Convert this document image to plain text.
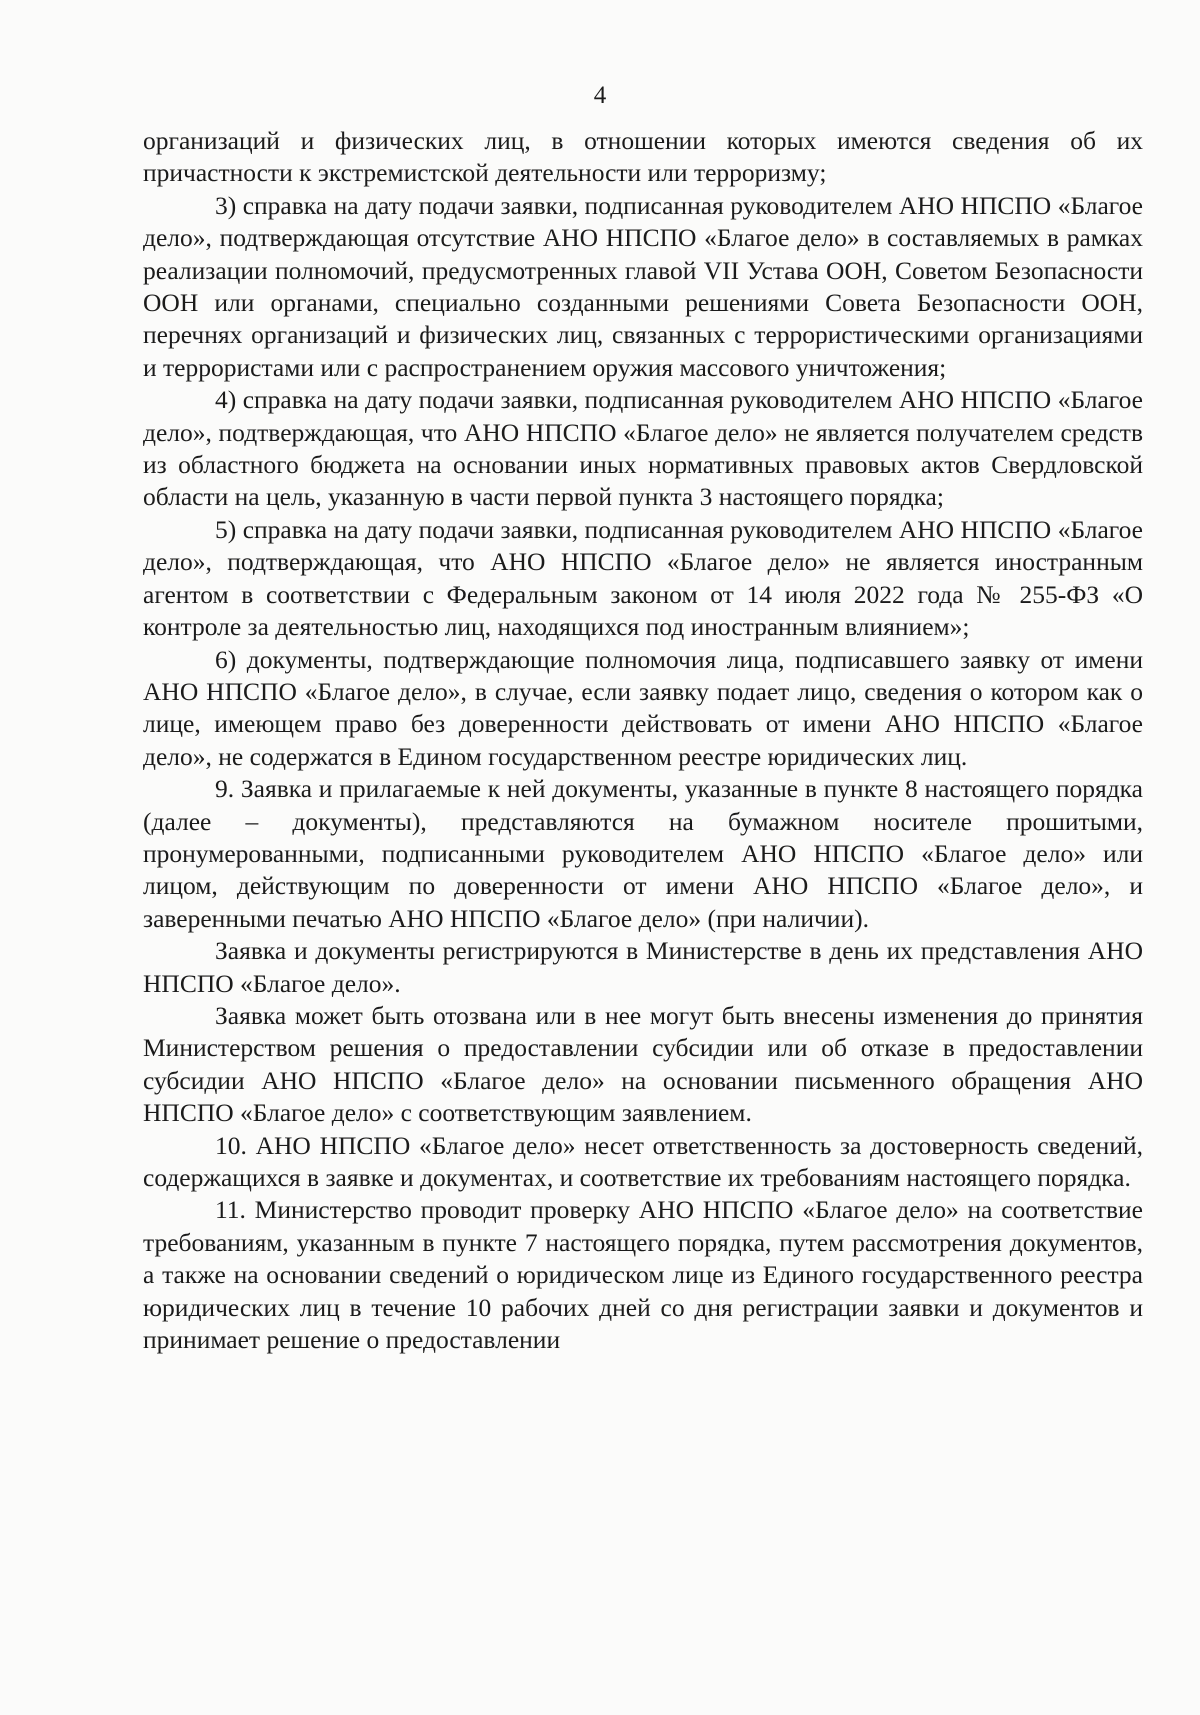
4

организаций и физических лиц, в отношении которых имеются сведения об их причастности к экстремистской деятельности или терроризму;

3) справка на дату подачи заявки, подписанная руководителем АНО НПСПО «Благое дело», подтверждающая отсутствие АНО НПСПО «Благое дело» в составляемых в рамках реализации полномочий, предусмотренных главой VII Устава ООН, Советом Безопасности ООН или органами, специально созданными решениями Совета Безопасности ООН, перечнях организаций и физических лиц, связанных с террористическими организациями и террористами или с распространением оружия массового уничтожения;

4) справка на дату подачи заявки, подписанная руководителем АНО НПСПО «Благое дело», подтверждающая, что АНО НПСПО «Благое дело» не является получателем средств из областного бюджета на основании иных нормативных правовых актов Свердловской области на цель, указанную в части первой пункта 3 настоящего порядка;

5) справка на дату подачи заявки, подписанная руководителем АНО НПСПО «Благое дело», подтверждающая, что АНО НПСПО «Благое дело» не является иностранным агентом в соответствии с Федеральным законом от 14 июля 2022 года № 255-ФЗ «О контроле за деятельностью лиц, находящихся под иностранным влиянием»;

6) документы, подтверждающие полномочия лица, подписавшего заявку от имени АНО НПСПО «Благое дело», в случае, если заявку подает лицо, сведения о котором как о лице, имеющем право без доверенности действовать от имени АНО НПСПО «Благое дело», не содержатся в Едином государственном реестре юридических лиц.

9. Заявка и прилагаемые к ней документы, указанные в пункте 8 настоящего порядка (далее – документы), представляются на бумажном носителе прошитыми, пронумерованными, подписанными руководителем АНО НПСПО «Благое дело» или лицом, действующим по доверенности от имени АНО НПСПО «Благое дело», и заверенными печатью АНО НПСПО «Благое дело» (при наличии).

Заявка и документы регистрируются в Министерстве в день их представления АНО НПСПО «Благое дело».

Заявка может быть отозвана или в нее могут быть внесены изменения до принятия Министерством решения о предоставлении субсидии или об отказе в предоставлении субсидии АНО НПСПО «Благое дело» на основании письменного обращения АНО НПСПО «Благое дело» с соответствующим заявлением.

10. АНО НПСПО «Благое дело» несет ответственность за достоверность сведений, содержащихся в заявке и документах, и соответствие их требованиям настоящего порядка.

11. Министерство проводит проверку АНО НПСПО «Благое дело» на соответствие требованиям, указанным в пункте 7 настоящего порядка, путем рассмотрения документов, а также на основании сведений о юридическом лице из Единого государственного реестра юридических лиц в течение 10 рабочих дней со дня регистрации заявки и документов и принимает решение о предоставлении
